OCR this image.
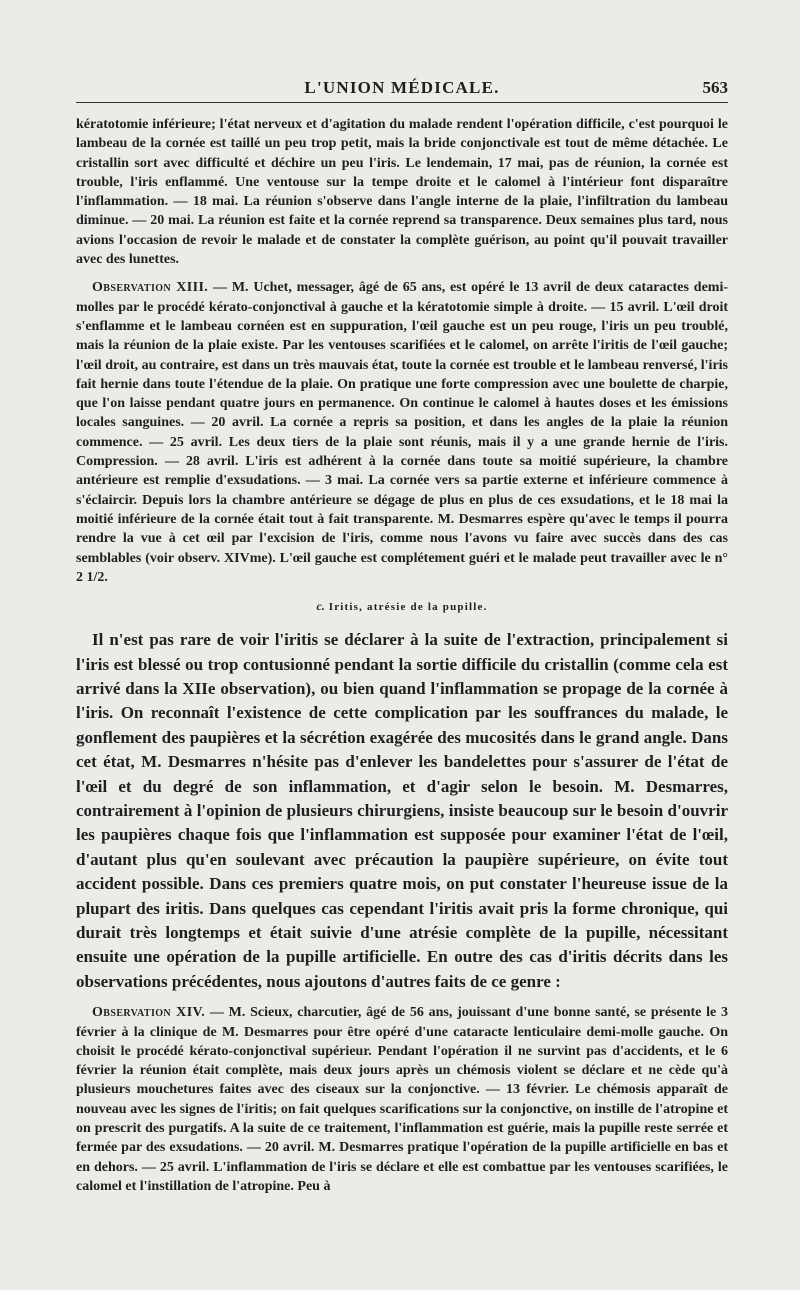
L'UNION MÉDICALE.	563

kératotomie inférieure; l'état nerveux et d'agitation du malade rendent l'opération difficile, c'est pourquoi le lambeau de la cornée est taillé un peu trop petit, mais la bride conjonctivale est tout de même détachée. Le cristallin sort avec difficulté et déchire un peu l'iris. Le lendemain, 17 mai, pas de réunion, la cornée est trouble, l'iris enflammé. Une ventouse sur la tempe droite et le calomel à l'intérieur font disparaître l'inflammation. — 18 mai. La réunion s'observe dans l'angle interne de la plaie, l'infiltration du lambeau diminue. — 20 mai. La réunion est faite et la cornée reprend sa transparence. Deux semaines plus tard, nous avions l'occasion de revoir le malade et de constater la complète guérison, au point qu'il pouvait travailler avec des lunettes.

Observation XIII. — M. Uchet, messager, âgé de 65 ans, est opéré le 13 avril de deux cataractes demi-molles par le procédé kérato-conjonctival à gauche et la kératotomie simple à droite. — 15 avril. L'œil droit s'enflamme et le lambeau cornéen est en suppuration, l'œil gauche est un peu rouge, l'iris un peu troublé, mais la réunion de la plaie existe. Par les ventouses scarifiées et le calomel, on arrête l'iritis de l'œil gauche; l'œil droit, au contraire, est dans un très mauvais état, toute la cornée est trouble et le lambeau renversé, l'iris fait hernie dans toute l'étendue de la plaie. On pratique une forte compression avec une boulette de charpie, que l'on laisse pendant quatre jours en permanence. On continue le calomel à hautes doses et les émissions locales sanguines. — 20 avril. La cornée a repris sa position, et dans les angles de la plaie la réunion commence. — 25 avril. Les deux tiers de la plaie sont réunis, mais il y a une grande hernie de l'iris. Compression. — 28 avril. L'iris est adhérent à la cornée dans toute sa moitié supérieure, la chambre antérieure est remplie d'exsudations. — 3 mai. La cornée vers sa partie externe et inférieure commence à s'éclaircir. Depuis lors la chambre antérieure se dégage de plus en plus de ces exsudations, et le 18 mai la moitié inférieure de la cornée était tout à fait transparente. M. Desmarres espère qu'avec le temps il pourra rendre la vue à cet œil par l'excision de l'iris, comme nous l'avons vu faire avec succès dans des cas semblables (voir observ. XIVme). L'œil gauche est complétement guéri et le malade peut travailler avec le n° 2 1/2.

c. Iritis, atrésie de la pupille.

Il n'est pas rare de voir l'iritis se déclarer à la suite de l'extraction, principalement si l'iris est blessé ou trop contusionné pendant la sortie difficile du cristallin (comme cela est arrivé dans la XIIe observation), ou bien quand l'inflammation se propage de la cornée à l'iris. On reconnaît l'existence de cette complication par les souffrances du malade, le gonflement des paupières et la sécrétion exagérée des mucosités dans le grand angle. Dans cet état, M. Desmarres n'hésite pas d'enlever les bandelettes pour s'assurer de l'état de l'œil et du degré de son inflammation, et d'agir selon le besoin. M. Desmarres, contrairement à l'opinion de plusieurs chirurgiens, insiste beaucoup sur le besoin d'ouvrir les paupières chaque fois que l'inflammation est supposée pour examiner l'état de l'œil, d'autant plus qu'en soulevant avec précaution la paupière supérieure, on évite tout accident possible. Dans ces premiers quatre mois, on put constater l'heureuse issue de la plupart des iritis. Dans quelques cas cependant l'iritis avait pris la forme chronique, qui durait très longtemps et était suivie d'une atrésie complète de la pupille, nécessitant ensuite une opération de la pupille artificielle. En outre des cas d'iritis décrits dans les observations précédentes, nous ajoutons d'autres faits de ce genre :

Observation XIV. — M. Scieux, charcutier, âgé de 56 ans, jouissant d'une bonne santé, se présente le 3 février à la clinique de M. Desmarres pour être opéré d'une cataracte lenticulaire demi-molle gauche. On choisit le procédé kérato-conjonctival supérieur. Pendant l'opération il ne survint pas d'accidents, et le 6 février la réunion était complète, mais deux jours après un chémosis violent se déclare et ne cède qu'à plusieurs mouchetures faites avec des ciseaux sur la conjonctive. — 13 février. Le chémosis apparaît de nouveau avec les signes de l'iritis; on fait quelques scarifications sur la conjonctive, on instille de l'atropine et on prescrit des purgatifs. A la suite de ce traitement, l'inflammation est guérie, mais la pupille reste serrée et fermée par des exsudations. — 20 avril. M. Desmarres pratique l'opération de la pupille artificielle en bas et en dehors. — 25 avril. L'inflammation de l'iris se déclare et elle est combattue par les ventouses scarifiées, le calomel et l'instillation de l'atropine. Peu à
